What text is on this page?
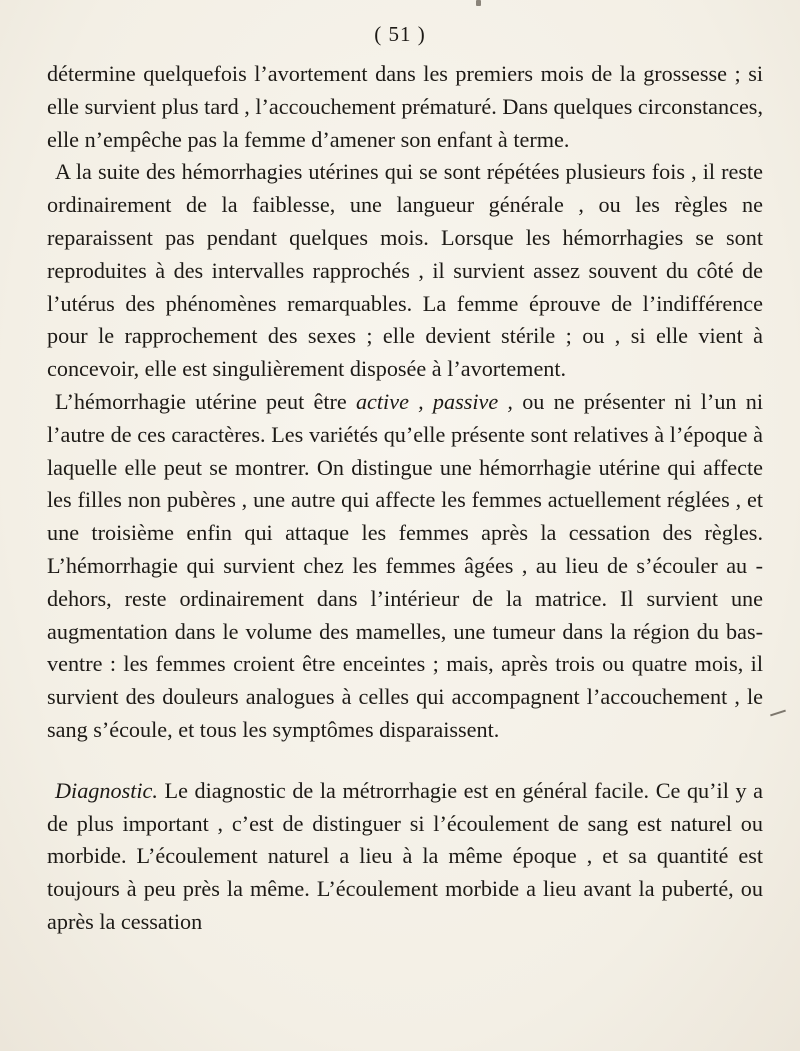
( 51 )

détermine quelquefois l’avortement dans les premiers mois de la grossesse ; si elle survient plus tard , l’accouchement prématuré. Dans quelques circonstances, elle n’empêche pas la femme d’amener son enfant à terme.

A la suite des hémorrhagies utérines qui se sont répétées plusieurs fois , il reste ordinairement de la faiblesse, une langueur générale , ou les règles ne reparaissent pas pendant quelques mois. Lorsque les hémorrhagies se sont reproduites à des intervalles rapprochés , il survient assez souvent du côté de l’utérus des phénomènes remarquables. La femme éprouve de l’indifférence pour le rapprochement des sexes ; elle devient stérile ; ou , si elle vient à concevoir, elle est singulièrement disposée à l’avortement.

L’hémorrhagie utérine peut être active , passive , ou ne présenter ni l’un ni l’autre de ces caractères. Les variétés qu’elle présente sont relatives à l’époque à laquelle elle peut se montrer. On distingue une hémorrhagie utérine qui affecte les filles non pubères , une autre qui affecte les femmes actuellement réglées , et une troisième enfin qui attaque les femmes après la cessation des règles. L’hémorrhagie qui survient chez les femmes âgées , au lieu de s’écouler au - dehors, reste ordinairement dans l’intérieur de la matrice. Il survient une augmentation dans le volume des mamelles, une tumeur dans la région du bas-ventre : les femmes croient être enceintes ; mais, après trois ou quatre mois, il survient des douleurs analogues à celles qui accompagnent l’accouchement , le sang s’écoule, et tous les symptômes disparaissent.

Diagnostic. Le diagnostic de la métrorrhagie est en général facile. Ce qu’il y a de plus important , c’est de distinguer si l’écoulement de sang est naturel ou morbide. L’écoulement naturel a lieu à la même époque , et sa quantité est toujours à peu près la même. L’écoulement morbide a lieu avant la puberté, ou après la cessation
